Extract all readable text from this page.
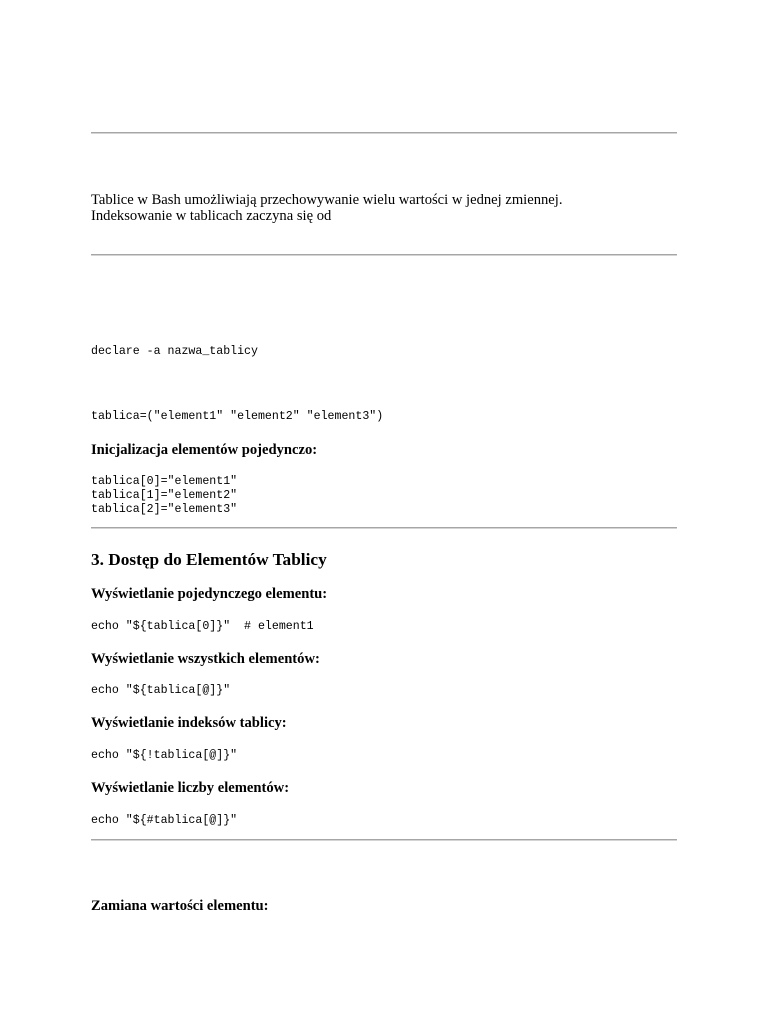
Tablice w Bash umożliwiają przechowywanie wielu wartości w jednej zmiennej.
Indeksowanie w tablicach zaczyna się od

declare -a nazwa_tablicy
tablica=("element1" "element2" "element3")

Inicjalizacja elementów pojedynczo:

tablica[0]="element1"
tablica[1]="element2"
tablica[2]="element3"
3. Dostęp do Elementów Tablicy

Wyświetlanie pojedynczego elementu:

echo "${tablica[0]}"  # element1

Wyświetlanie wszystkich elementów:

echo "${tablica[@]}"

Wyświetlanie indeksów tablicy:

echo "${!tablica[@]}"

Wyświetlanie liczby elementów:

echo "${#tablica[@]}"

Zamiana wartości elementu:
